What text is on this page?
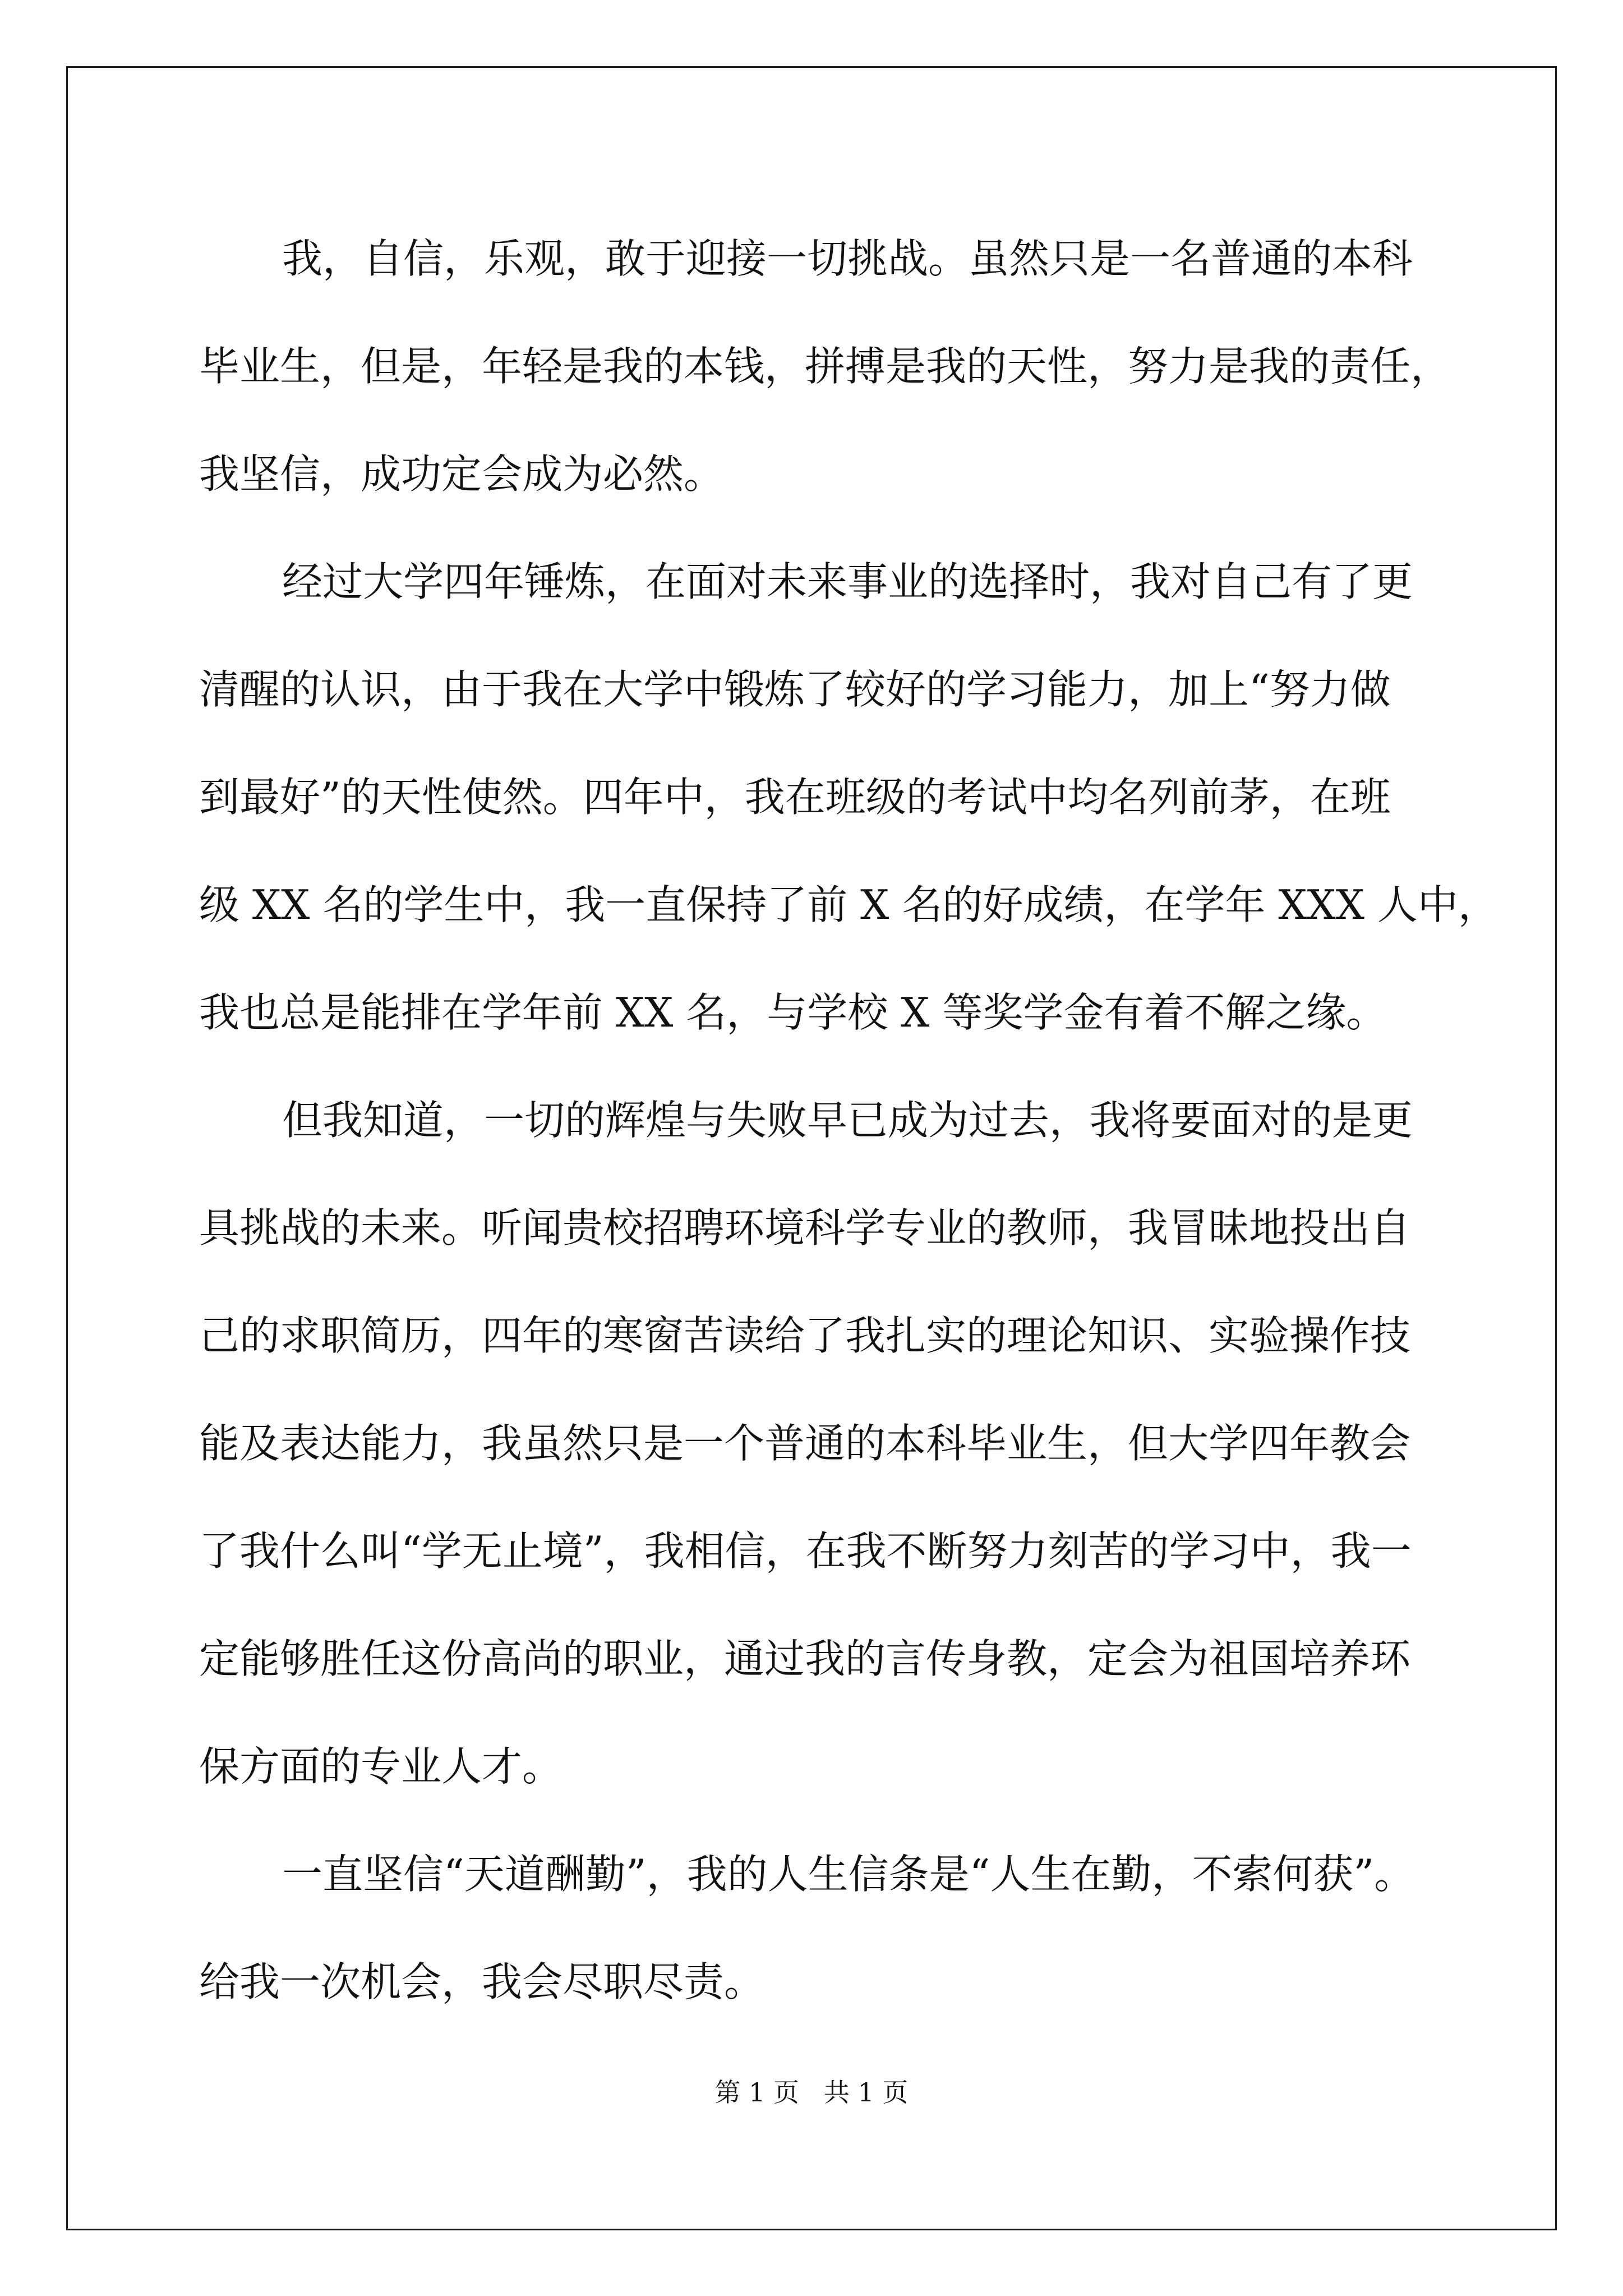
我，自信，乐观，敢于迎接一切挑战。虽然只是一名普通的本科
毕业生，但是，年轻是我的本钱，拼搏是我的天性，努力是我的责任，
我坚信，成功定会成为必然。
经过大学四年锤炼，在面对未来事业的选择时，我对自己有了更
清醒的认识，由于我在大学中锻炼了较好的学习能力，加上“努力做
到最好”的天性使然。四年中，我在班级的考试中均名列前茅，在班
级 XX 名的学生中，我一直保持了前 X 名的好成绩，在学年 XXX 人中，
我也总是能排在学年前 XX 名，与学校 X 等奖学金有着不解之缘。
但我知道，一切的辉煌与失败早已成为过去，我将要面对的是更
具挑战的未来。听闻贵校招聘环境科学专业的教师，我冒昧地投出自
己的求职简历，四年的寒窗苦读给了我扎实的理论知识、实验操作技
能及表达能力，我虽然只是一个普通的本科毕业生，但大学四年教会
了我什么叫“学无止境”，我相信，在我不断努力刻苦的学习中，我一
定能够胜任这份高尚的职业，通过我的言传身教，定会为祖国培养环
保方面的专业人才。
一直坚信“天道酬勤”，我的人生信条是“人生在勤，不索何获”。
给我一次机会，我会尽职尽责。
第 1 页   共 1 页
